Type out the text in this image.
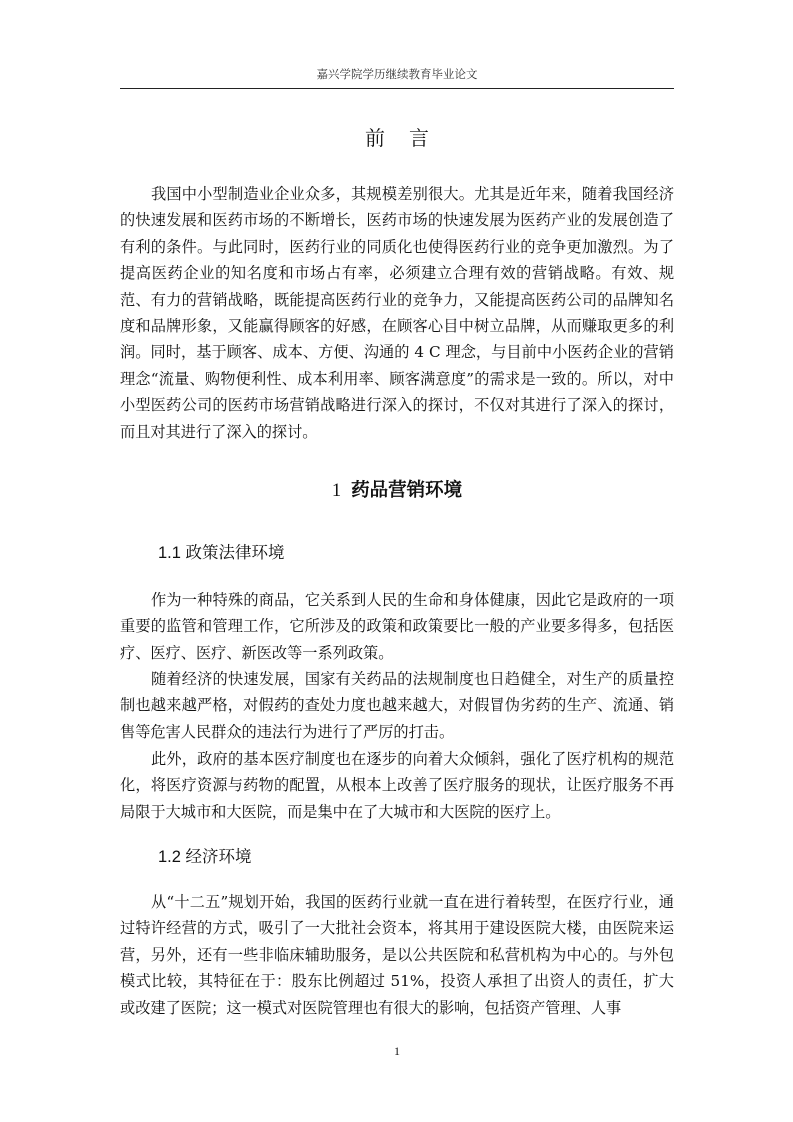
嘉兴学院学历继续教育毕业论文
前言

我国中小型制造业企业众多，其规模差别很大。尤其是近年来，随着我国经济的快速发展和医药市场的不断增长，医药市场的快速发展为医药产业的发展创造了有利的条件。与此同时，医药行业的同质化也使得医药行业的竞争更加激烈。为了提高医药企业的知名度和市场占有率，必须建立合理有效的营销战略。有效、规范、有力的营销战略，既能提高医药行业的竞争力，又能提高医药公司的品牌知名度和品牌形象，又能赢得顾客的好感，在顾客心目中树立品牌，从而赚取更多的利润。同时，基于顾客、成本、方便、沟通的 4 C 理念，与目前中小医药企业的营销理念“流量、购物便利性、成本利用率、顾客满意度”的需求是一致的。所以，对中小型医药公司的医药市场营销战略进行深入的探讨，不仅对其进行了深入的探讨，而且对其进行了深入的探讨。

1 药品营销环境
1.1 政策法律环境

作为一种特殊的商品，它关系到人民的生命和身体健康，因此它是政府的一项重要的监管和管理工作，它所涉及的政策和政策要比一般的产业要多得多，包括医疗、医疗、医疗、新医改等一系列政策。

随着经济的快速发展，国家有关药品的法规制度也日趋健全，对生产的质量控制也越来越严格，对假药的查处力度也越来越大，对假冒伪劣药的生产、流通、销售等危害人民群众的违法行为进行了严厉的打击。

此外，政府的基本医疗制度也在逐步的向着大众倾斜，强化了医疗机构的规范化，将医疗资源与药物的配置，从根本上改善了医疗服务的现状，让医疗服务不再局限于大城市和大医院，而是集中在了大城市和大医院的医疗上。

1.2 经济环境

从“十二五”规划开始，我国的医药行业就一直在进行着转型，在医疗行业，通过特许经营的方式，吸引了一大批社会资本，将其用于建设医院大楼，由医院来运营，另外，还有一些非临床辅助服务，是以公共医院和私营机构为中心的。与外包模式比较，其特征在于：股东比例超过 51%，投资人承担了出资人的责任，扩大或改建了医院；这一模式对医院管理也有很大的影响，包括资产管理、人事

1
